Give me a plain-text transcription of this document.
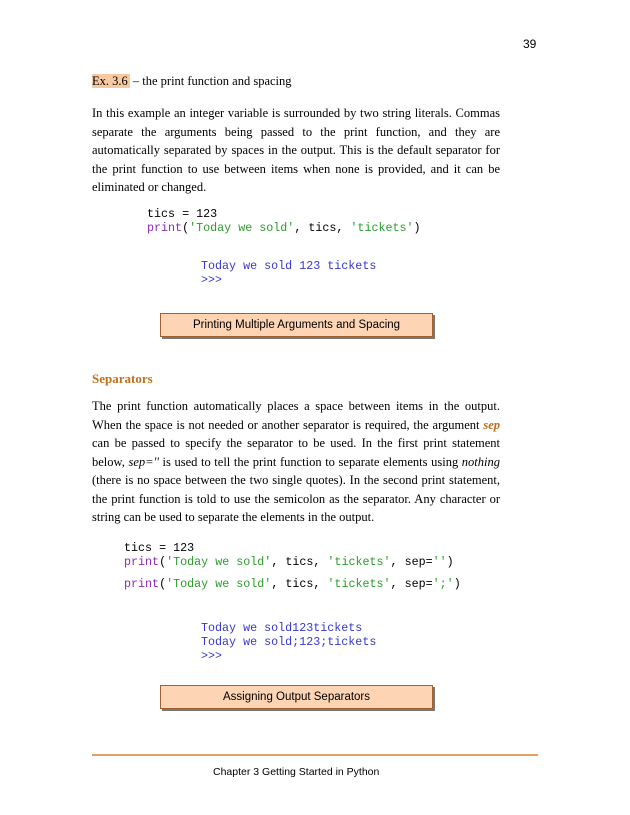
39
Ex. 3.6 – the print function and spacing
In this example an integer variable is surrounded by two string literals. Commas separate the arguments being passed to the print function, and they are automatically separated by spaces in the output. This is the default separator for the print function to use between items when none is provided, and it can be eliminated or changed.
tics = 123
print('Today we sold', tics, 'tickets')
Today we sold 123 tickets
>>>
Printing Multiple Arguments and Spacing
Separators
The print function automatically places a space between items in the output. When the space is not needed or another separator is required, the argument sep can be passed to specify the separator to be used. In the first print statement below, sep='' is used to tell the print function to separate elements using nothing (there is no space between the two single quotes). In the second print statement, the print function is told to use the semicolon as the separator. Any character or string can be used to separate the elements in the output.
tics = 123
print('Today we sold', tics, 'tickets', sep='')
print('Today we sold', tics, 'tickets', sep=';')
Today we sold123tickets
Today we sold;123;tickets
>>>
Assigning Output Separators
Chapter 3 Getting Started in Python
